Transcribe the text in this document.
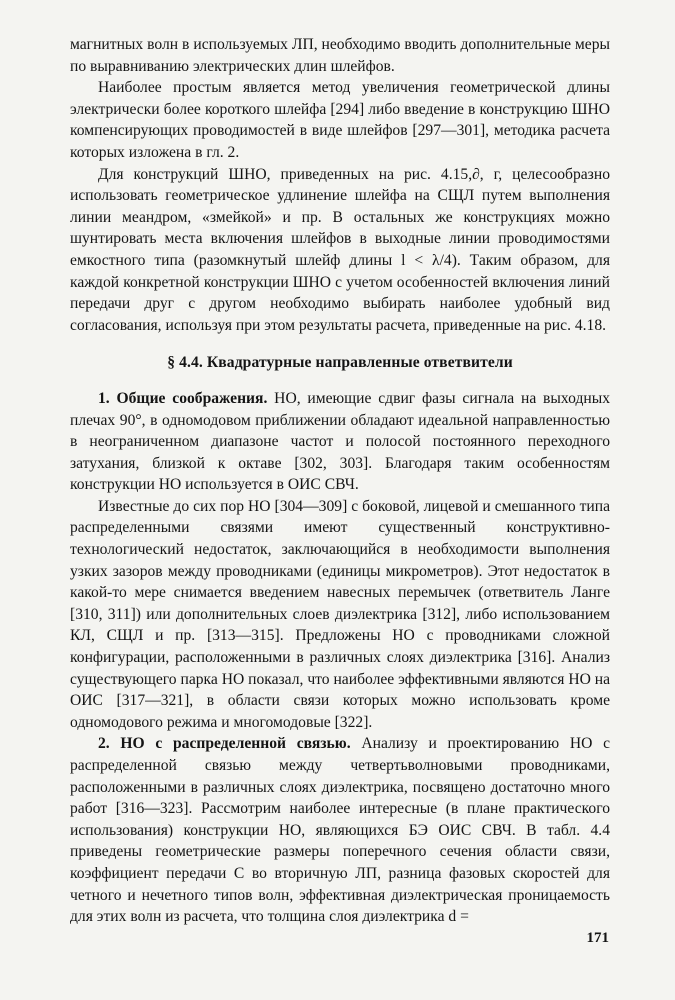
магнитных волн в используемых ЛП, необходимо вводить дополнительные меры по выравниванию электрических длин шлейфов.

Наиболее простым является метод увеличения геометрической длины электрически более короткого шлейфа [294] либо введение в конструкцию ШНО компенсирующих проводимостей в виде шлейфов [297—301], методика расчета которых изложена в гл. 2.

Для конструкций ШНО, приведенных на рис. 4.15,∂, г, целесообразно использовать геометрическое удлинение шлейфа на СЩЛ путем выполнения линии меандром, «змейкой» и пр. В остальных же конструкциях можно шунтировать места включения шлейфов в выходные линии проводимостями емкостного типа (разомкнутый шлейф длины l < λ/4). Таким образом, для каждой конкретной конструкции ШНО с учетом особенностей включения линий передачи друг с другом необходимо выбирать наиболее удобный вид согласования, используя при этом результаты расчета, приведенные на рис. 4.18.

§ 4.4. Квадратурные направленные ответвители

1. Общие соображения. НО, имеющие сдвиг фазы сигнала на выходных плечах 90°, в одномодовом приближении обладают идеальной направленностью в неограниченном диапазоне частот и полосой постоянного переходного затухания, близкой к октаве [302, 303]. Благодаря таким особенностям конструкции НО используется в ОИС СВЧ.

Известные до сих пор НО [304—309] с боковой, лицевой и смешанного типа распределенными связями имеют существенный конструктивно-технологический недостаток, заключающийся в необходимости выполнения узких зазоров между проводниками (единицы микрометров). Этот недостаток в какой-то мере снимается введением навесных перемычек (ответвитель Ланге [310, 311]) или дополнительных слоев диэлектрика [312], либо использованием КЛ, СЩЛ и пр. [313—315]. Предложены НО с проводниками сложной конфигурации, расположенными в различных слоях диэлектрика [316]. Анализ существующего парка НО показал, что наиболее эффективными являются НО на ОИС [317—321], в области связи которых можно использовать кроме одномодового режима и многомодовые [322].

2. НО с распределенной связью. Анализу и проектированию НО с распределенной связью между четвертьволновыми проводниками, расположенными в различных слоях диэлектрика, посвящено достаточно много работ [316—323]. Рассмотрим наиболее интересные (в плане практического использования) конструкции НО, являющихся БЭ ОИС СВЧ. В табл. 4.4 приведены геометрические размеры поперечного сечения области связи, коэффициент передачи C во вторичную ЛП, разница фазовых скоростей для четного и нечетного типов волн, эффективная диэлектрическая проницаемость для этих волн из расчета, что толщина слоя диэлектрика d =

171
